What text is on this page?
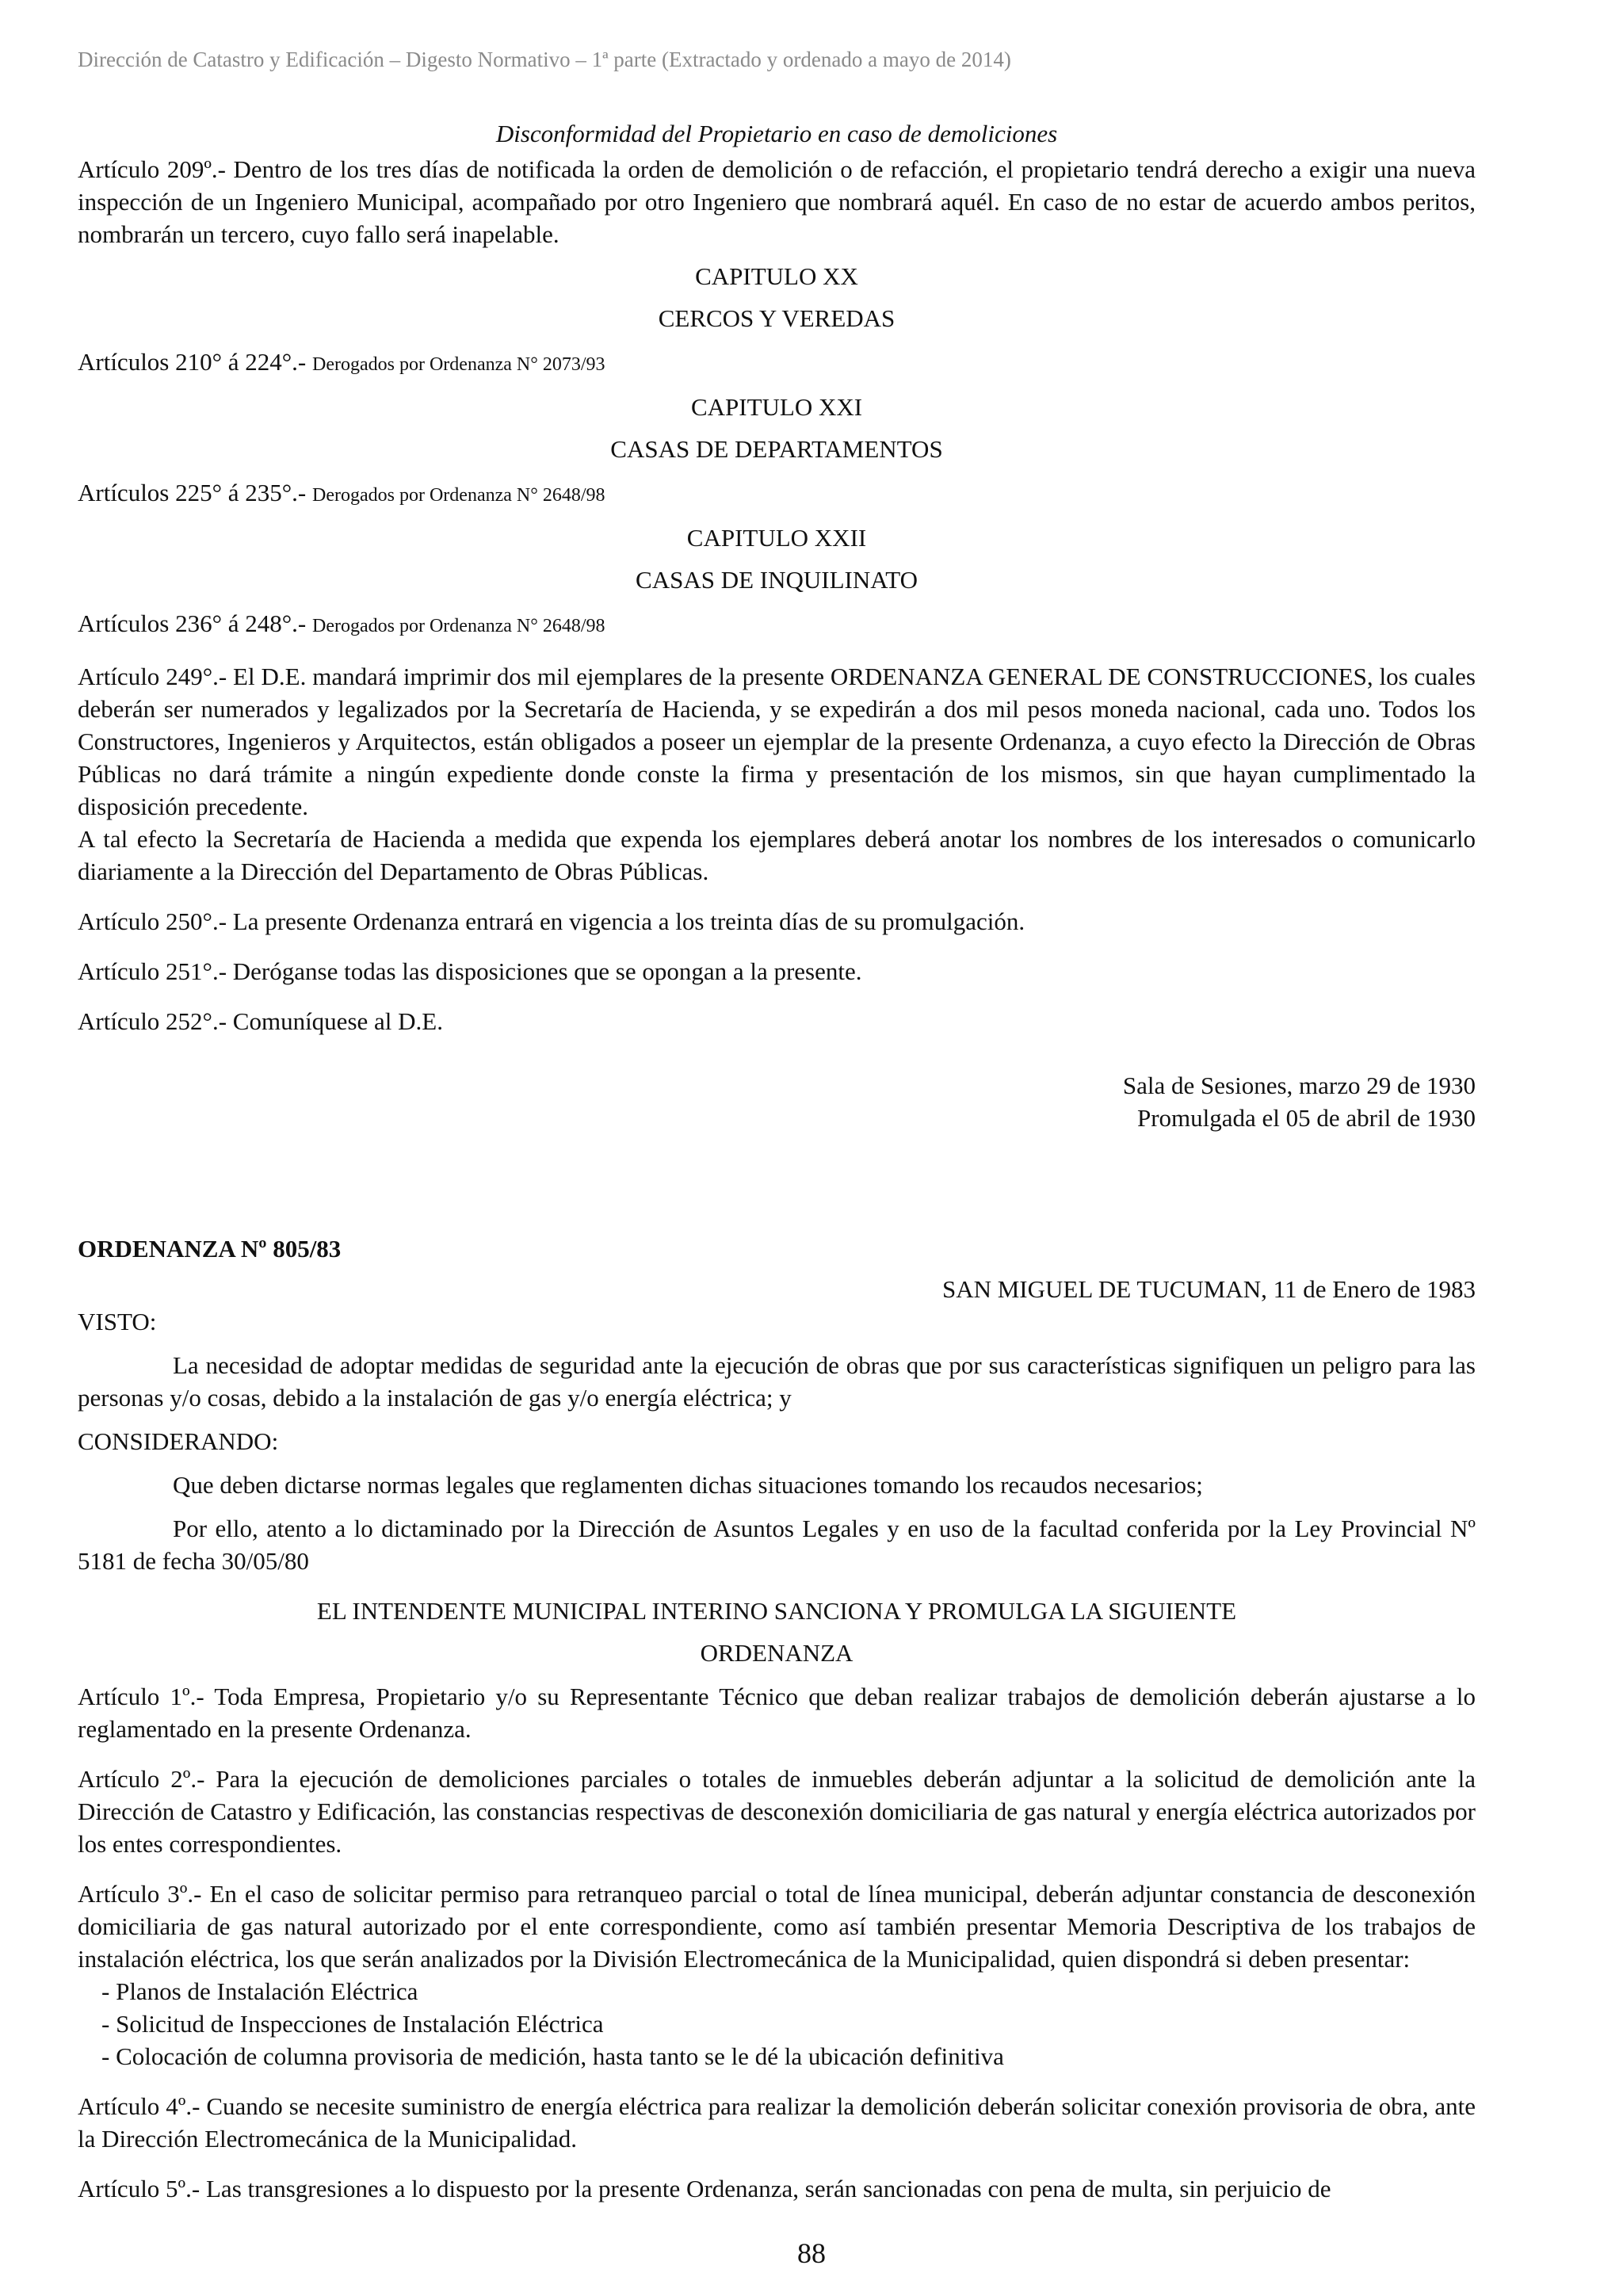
Dirección de Catastro y Edificación – Digesto Normativo – 1ª parte (Extractado y ordenado a mayo de 2014)

Disconformidad del Propietario en caso de demoliciones

Artículo 209º.- Dentro de los tres días de notificada la orden de demolición o de refacción, el propietario tendrá derecho a exigir una nueva inspección de un Ingeniero Municipal, acompañado por otro Ingeniero que nombrará aquél. En caso de no estar de acuerdo ambos peritos, nombrarán un tercero, cuyo fallo será inapelable.

CAPITULO XX

CERCOS Y VEREDAS

Artículos 210° á 224°.- Derogados por Ordenanza N° 2073/93

CAPITULO XXI

CASAS DE DEPARTAMENTOS

Artículos 225° á 235°.- Derogados por Ordenanza N° 2648/98

CAPITULO XXII

CASAS DE INQUILINATO

Artículos 236° á 248°.- Derogados por Ordenanza N° 2648/98

Artículo 249°.- El D.E. mandará imprimir dos mil ejemplares de la presente ORDENANZA GENERAL DE CONSTRUCCIONES, los cuales deberán ser numerados y legalizados por la Secretaría de Hacienda, y se expedirán a dos mil pesos moneda nacional, cada uno. Todos los Constructores, Ingenieros y Arquitectos, están obligados a poseer un ejemplar de la presente Ordenanza, a cuyo efecto la Dirección de Obras Públicas no dará trámite a ningún expediente donde conste la firma y presentación de los mismos, sin que hayan cumplimentado la disposición precedente.

A tal efecto la Secretaría de Hacienda a medida que expenda los ejemplares deberá anotar los nombres de los interesados o comunicarlo diariamente a la Dirección del Departamento de Obras Públicas.

Artículo 250°.- La presente Ordenanza entrará en vigencia a los treinta días de su promulgación.

Artículo 251°.- Deróganse todas las disposiciones que se opongan a la presente.

Artículo 252°.- Comuníquese al D.E.

Sala de Sesiones, marzo 29 de 1930

Promulgada el 05 de abril de 1930

ORDENANZA Nº 805/83

SAN MIGUEL DE TUCUMAN, 11 de Enero de 1983

VISTO:

La necesidad de adoptar medidas de seguridad ante la ejecución de obras que por sus características signifiquen un peligro para las personas y/o cosas, debido a la instalación de gas y/o energía eléctrica; y

CONSIDERANDO:

Que deben dictarse normas legales que reglamenten dichas situaciones tomando los recaudos necesarios;

Por ello, atento a lo dictaminado por la Dirección de Asuntos Legales y en uso de la facultad conferida por la Ley Provincial Nº 5181 de fecha 30/05/80

EL INTENDENTE MUNICIPAL INTERINO SANCIONA Y PROMULGA LA SIGUIENTE

ORDENANZA

Artículo 1º.- Toda Empresa, Propietario y/o su Representante Técnico que deban realizar trabajos de demolición deberán ajustarse a lo reglamentado en la presente Ordenanza.

Artículo 2º.- Para la ejecución de demoliciones parciales o totales de inmuebles deberán adjuntar a la solicitud de demolición ante la Dirección de Catastro y Edificación, las constancias respectivas de desconexión domiciliaria de gas natural y energía eléctrica autorizados por los entes correspondientes.

Artículo 3º.- En el caso de solicitar permiso para retranqueo parcial o total de línea municipal, deberán adjuntar constancia de desconexión domiciliaria de gas natural autorizado por el ente correspondiente, como así también presentar Memoria Descriptiva de los trabajos de instalación eléctrica, los que serán analizados por la División Electromecánica de la Municipalidad, quien dispondrá si deben presentar:

- Planos de Instalación Eléctrica
- Solicitud de Inspecciones de Instalación Eléctrica
- Colocación de columna provisoria de medición, hasta tanto se le dé la ubicación definitiva

Artículo 4º.- Cuando se necesite suministro de energía eléctrica para realizar la demolición deberán solicitar conexión provisoria de obra, ante la Dirección Electromecánica de la Municipalidad.

Artículo 5º.- Las transgresiones a lo dispuesto por la presente Ordenanza, serán sancionadas con pena de multa, sin perjuicio de

88
